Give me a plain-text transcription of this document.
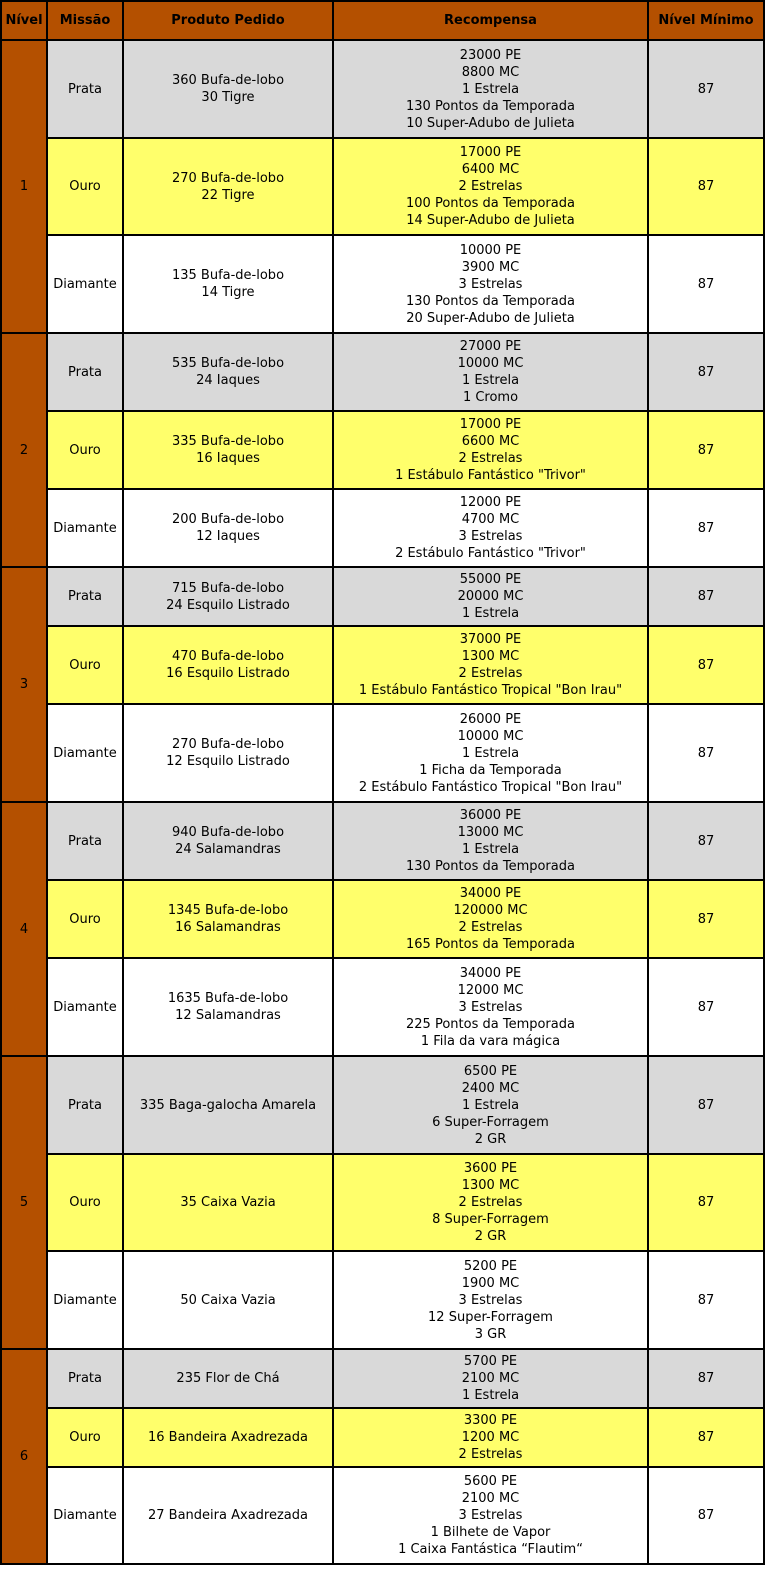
Nível	Missão	Produto Pedido	Recompensa	Nível Mínimo
1	Prata	360 Bufa-de-lobo
30 Tigre	23000 PE
8800 MC
1 Estrela
130 Pontos da Temporada
10 Super-Adubo de Julieta	87
	Ouro	270 Bufa-de-lobo
22 Tigre	17000 PE
6400 MC
2 Estrelas
100 Pontos da Temporada
14 Super-Adubo de Julieta	87
	Diamante	135 Bufa-de-lobo
14 Tigre	10000 PE
3900 MC
3 Estrelas
130 Pontos da Temporada
20 Super-Adubo de Julieta	87
2	Prata	535 Bufa-de-lobo
24 Iaques	27000 PE
10000 MC
1 Estrela
1 Cromo	87
	Ouro	335 Bufa-de-lobo
16 Iaques	17000 PE
6600 MC
2 Estrelas
1 Estábulo Fantástico "Trivor"	87
	Diamante	200 Bufa-de-lobo
12 Iaques	12000 PE
4700 MC
3 Estrelas
2 Estábulo Fantástico "Trivor"	87
3	Prata	715 Bufa-de-lobo
24 Esquilo Listrado	55000 PE
20000 MC
1 Estrela	87
	Ouro	470 Bufa-de-lobo
16 Esquilo Listrado	37000 PE
1300 MC
2 Estrelas
1 Estábulo Fantástico Tropical "Bon Irau"	87
	Diamante	270 Bufa-de-lobo
12 Esquilo Listrado	26000 PE
10000 MC
1 Estrela
1 Ficha da Temporada
2 Estábulo Fantástico Tropical "Bon Irau"	87
4	Prata	940 Bufa-de-lobo
24 Salamandras	36000 PE
13000 MC
1 Estrela
130 Pontos da Temporada	87
	Ouro	1345 Bufa-de-lobo
16 Salamandras	34000 PE
120000 MC
2 Estrelas
165 Pontos da Temporada	87
	Diamante	1635 Bufa-de-lobo
12 Salamandras	34000 PE
12000 MC
3 Estrelas
225 Pontos da Temporada
1 Fila da vara mágica	87
5	Prata	335 Baga-galocha Amarela	6500 PE
2400 MC
1 Estrela
6 Super-Forragem
2 GR	87
	Ouro	35 Caixa Vazia	3600 PE
1300 MC
2 Estrelas
8 Super-Forragem
2 GR	87
	Diamante	50 Caixa Vazia	5200 PE
1900 MC
3 Estrelas
12 Super-Forragem
3 GR	87
6	Prata	235 Flor de Chá	5700 PE
2100 MC
1 Estrela	87
	Ouro	16 Bandeira Axadrezada	3300 PE
1200 MC
2 Estrelas	87
	Diamante	27 Bandeira Axadrezada	5600 PE
2100 MC
3 Estrelas
1 Bilhete de Vapor
1 Caixa Fantástica “Flautim“	87
